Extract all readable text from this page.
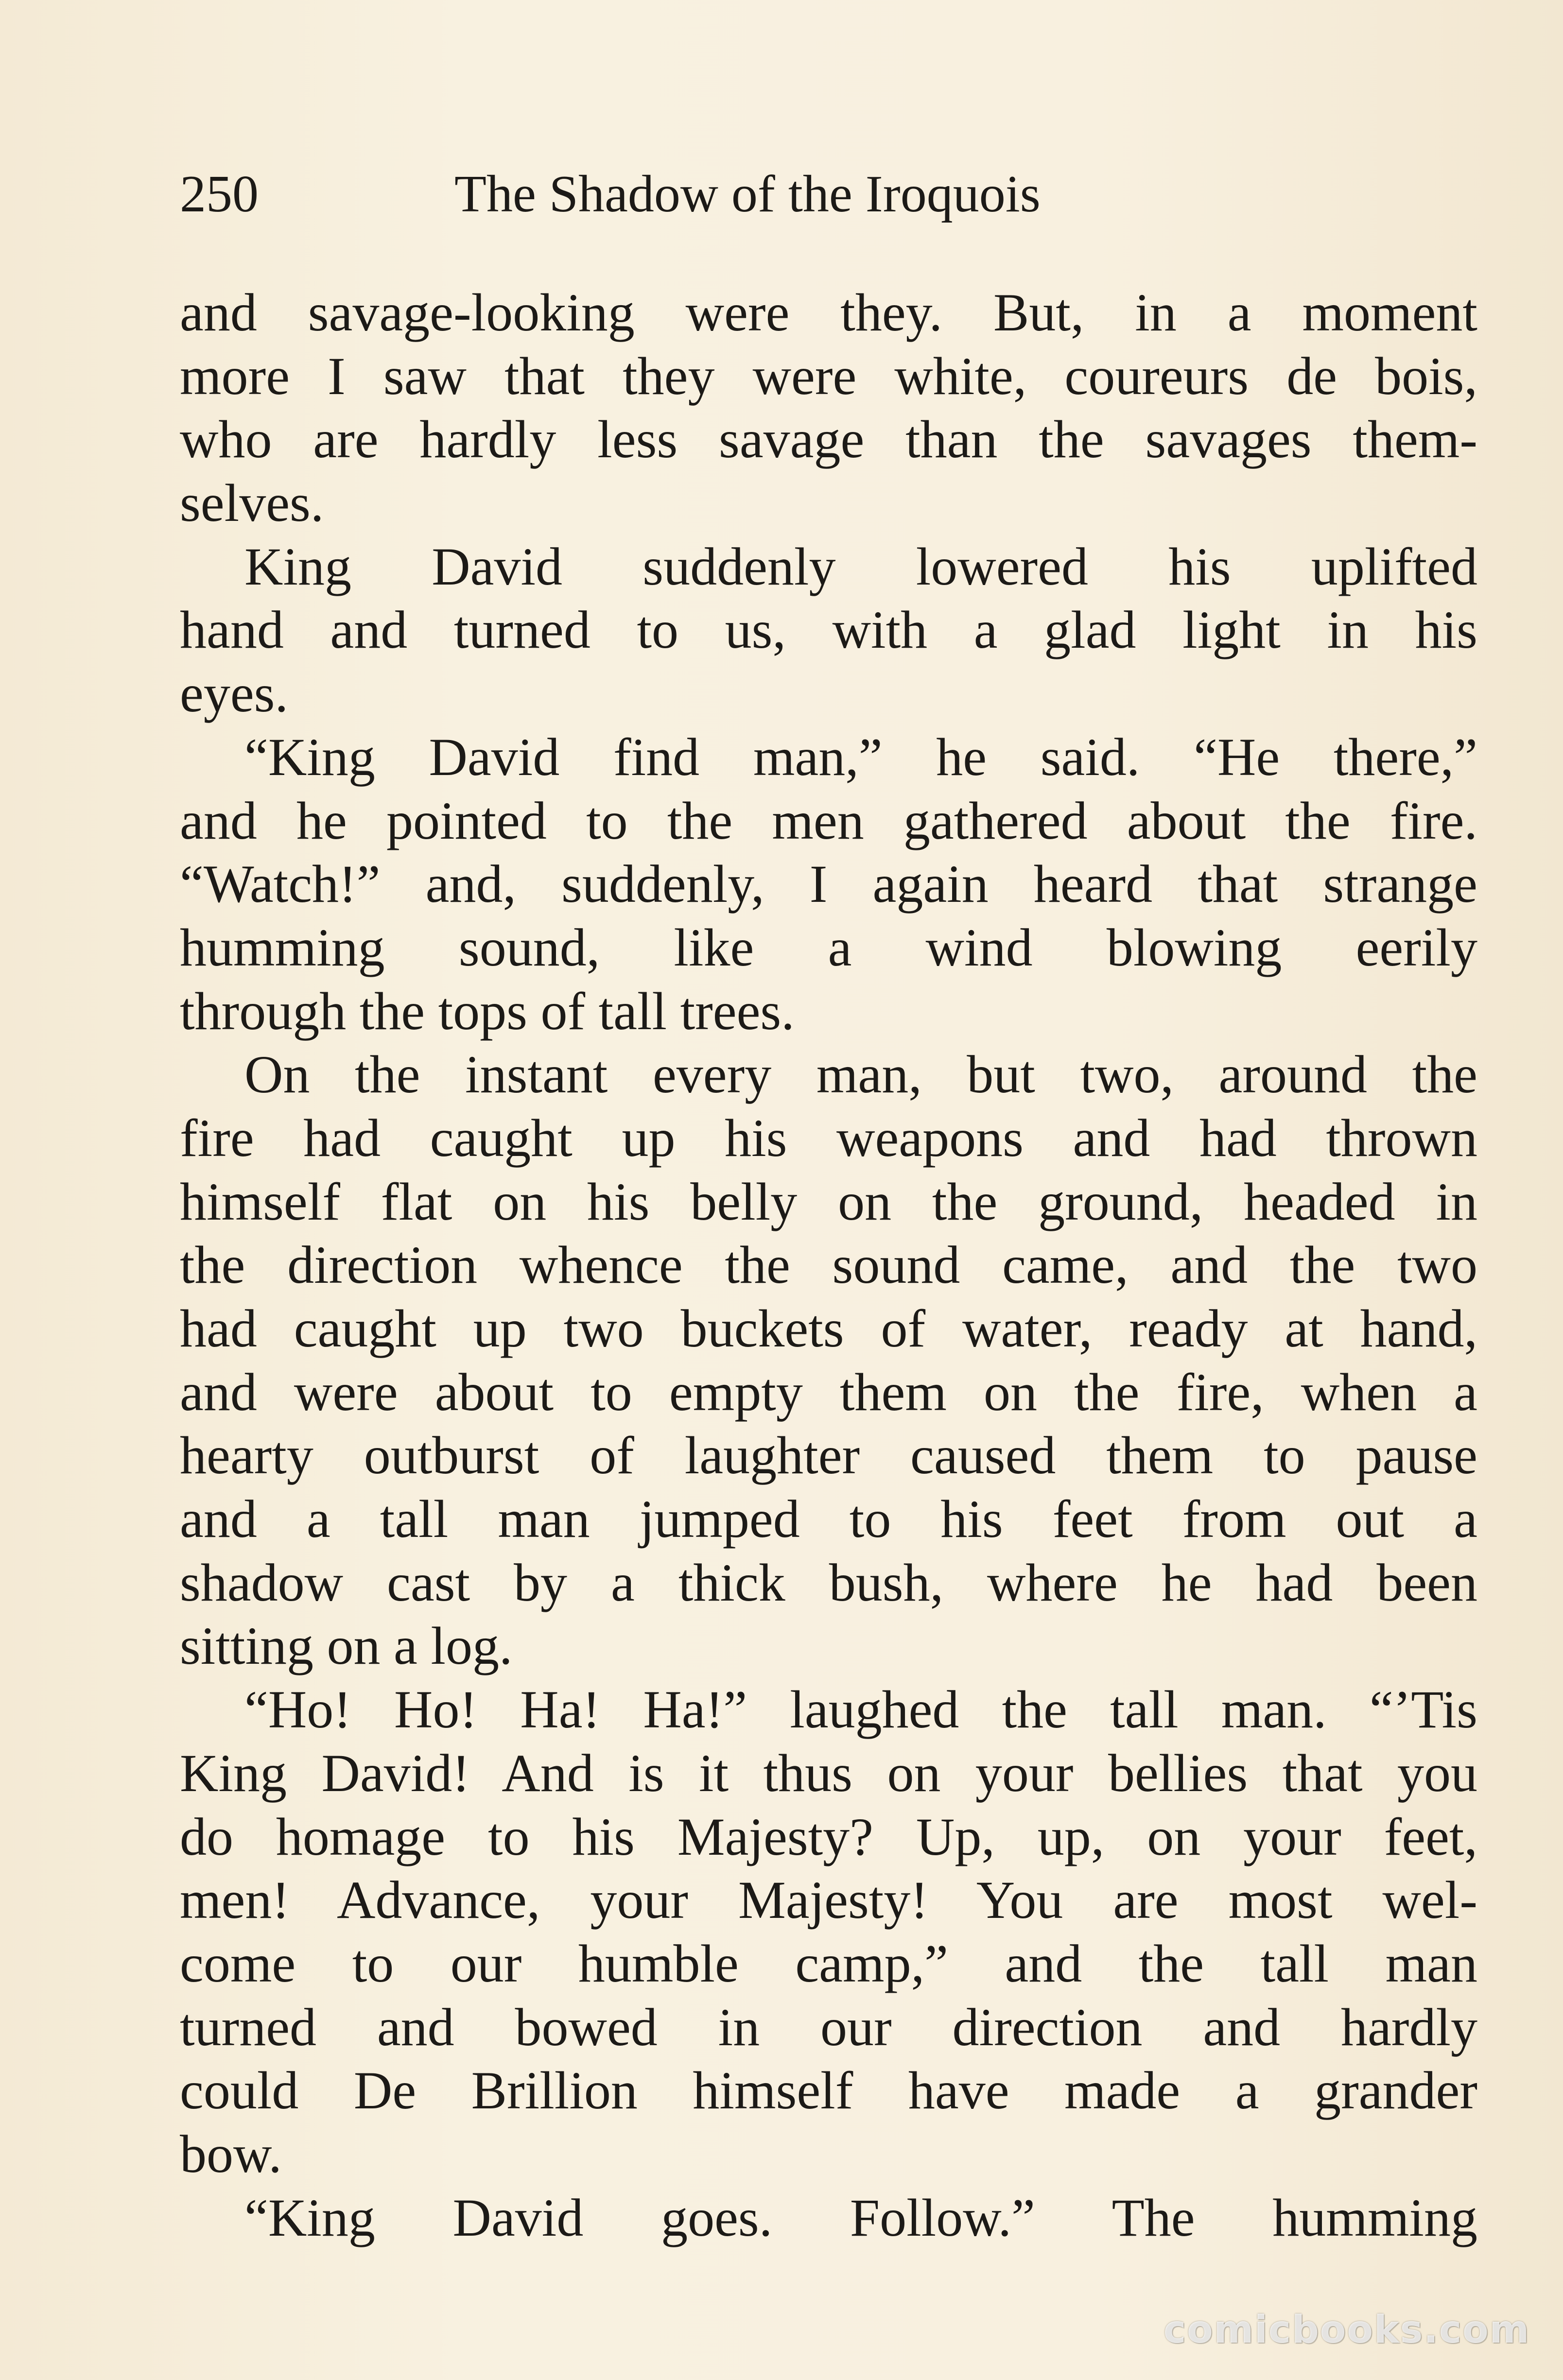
250	The Shadow of the Iroquois
and savage-looking were they. But, in a moment
more I saw that they were white, coureurs de bois,
who are hardly less savage than the savages them-
selves.
King David suddenly lowered his uplifted
hand and turned to us, with a glad light in his
eyes.
“King David find man,” he said. “He there,”
and he pointed to the men gathered about the fire.
“Watch!” and, suddenly, I again heard that strange
humming sound, like a wind blowing eerily
through the tops of tall trees.
On the instant every man, but two, around the
fire had caught up his weapons and had thrown
himself flat on his belly on the ground, headed in
the direction whence the sound came, and the two
had caught up two buckets of water, ready at hand,
and were about to empty them on the fire, when a
hearty outburst of laughter caused them to pause
and a tall man jumped to his feet from out a
shadow cast by a thick bush, where he had been
sitting on a log.
“Ho! Ho! Ha! Ha!” laughed the tall man. “’Tis
King David! And is it thus on your bellies that you
do homage to his Majesty? Up, up, on your feet,
men! Advance, your Majesty! You are most wel-
come to our humble camp,” and the tall man
turned and bowed in our direction and hardly
could De Brillion himself have made a grander
bow.
“King David goes. Follow.” The humming
comicbooks.com
